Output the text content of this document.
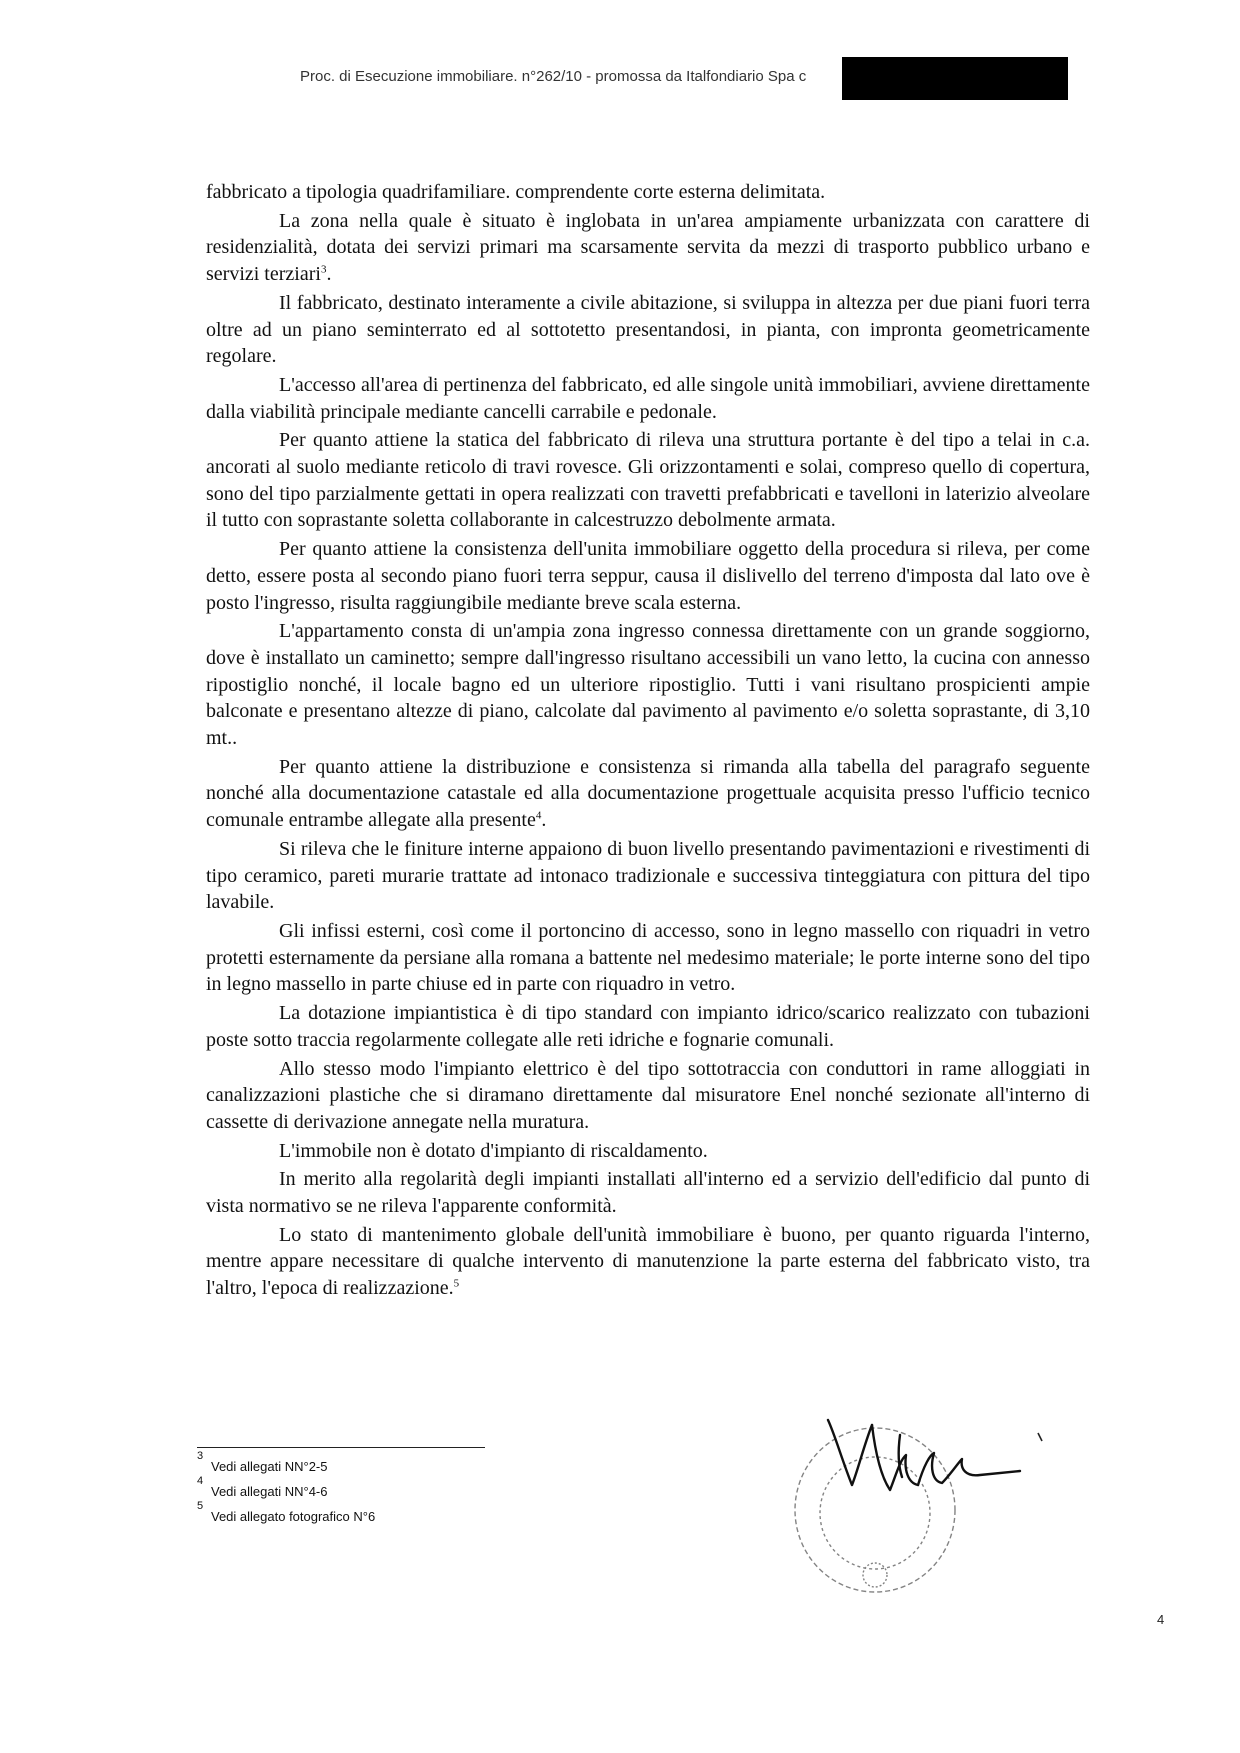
Proc. di Esecuzione immobiliare. n°262/10 - promossa da Italfondiario Spa c

fabbricato a tipologia quadrifamiliare. comprendente corte esterna delimitata.

La zona nella quale è situato è inglobata in un'area ampiamente urbanizzata con carattere di residenzialità, dotata dei servizi primari ma scarsamente servita da mezzi di trasporto pubblico urbano e servizi terziari$^3$.

Il fabbricato, destinato interamente a civile abitazione, si sviluppa in altezza per due piani fuori terra oltre ad un piano seminterrato ed al sottotetto presentandosi, in pianta, con impronta geometricamente regolare.

L'accesso all'area di pertinenza del fabbricato, ed alle singole unità immobiliari, avviene direttamente dalla viabilità principale mediante cancelli carrabile e pedonale.

Per quanto attiene la statica del fabbricato di rileva una struttura portante è del tipo a telai in c.a. ancorati al suolo mediante reticolo di travi rovesce. Gli orizzontamenti e solai, compreso quello di copertura, sono del tipo parzialmente gettati in opera realizzati con travetti prefabbricati e tavelloni in laterizio alveolare il tutto con soprastante soletta collaborante in calcestruzzo debolmente armata.

Per quanto attiene la consistenza dell'unita immobiliare oggetto della procedura si rileva, per come detto, essere posta al secondo piano fuori terra seppur, causa il dislivello del terreno d'imposta dal lato ove è posto l'ingresso, risulta raggiungibile mediante breve scala esterna.

L'appartamento consta di un'ampia zona ingresso connessa direttamente con un grande soggiorno, dove è installato un caminetto; sempre dall'ingresso risultano accessibili un vano letto, la cucina con annesso ripostiglio nonché, il locale bagno ed un ulteriore ripostiglio. Tutti i vani risultano prospicienti ampie balconate e presentano altezze di piano, calcolate dal pavimento al pavimento e/o soletta soprastante, di 3,10 mt..

Per quanto attiene la distribuzione e consistenza si rimanda alla tabella del paragrafo seguente nonché alla documentazione catastale ed alla documentazione progettuale acquisita presso l'ufficio tecnico comunale entrambe allegate alla presente$^4$.

Si rileva che le finiture interne appaiono di buon livello presentando pavimentazioni e rivestimenti di tipo ceramico, pareti murarie trattate ad intonaco tradizionale e successiva tinteggiatura con pittura del tipo lavabile.

Gli infissi esterni, così come il portoncino di accesso, sono in legno massello con riquadri in vetro protetti esternamente da persiane alla romana a battente nel medesimo materiale; le porte interne sono del tipo in legno massello in parte chiuse ed in parte con riquadro in vetro.

La dotazione impiantistica è di tipo standard con impianto idrico/scarico realizzato con tubazioni poste sotto traccia regolarmente collegate alle reti idriche e fognarie comunali.

Allo stesso modo l'impianto elettrico è del tipo sottotraccia con conduttori in rame alloggiati in canalizzazioni plastiche che si diramano direttamente dal misuratore Enel nonché sezionate all'interno di cassette di derivazione annegate nella muratura.

L'immobile non è dotato d'impianto di riscaldamento.

In merito alla regolarità degli impianti installati all'interno ed a servizio dell'edificio dal punto di vista normativo se ne rileva l'apparente conformità.

Lo stato di mantenimento globale dell'unità immobiliare è buono, per quanto riguarda l'interno, mentre appare necessitare di qualche intervento di manutenzione la parte esterna del fabbricato visto, tra l'altro, l'epoca di realizzazione.$^5$

3
Vedi allegati NN°2-5
4
Vedi allegati NN°4-6
5
Vedi allegato fotografico N°6
4
